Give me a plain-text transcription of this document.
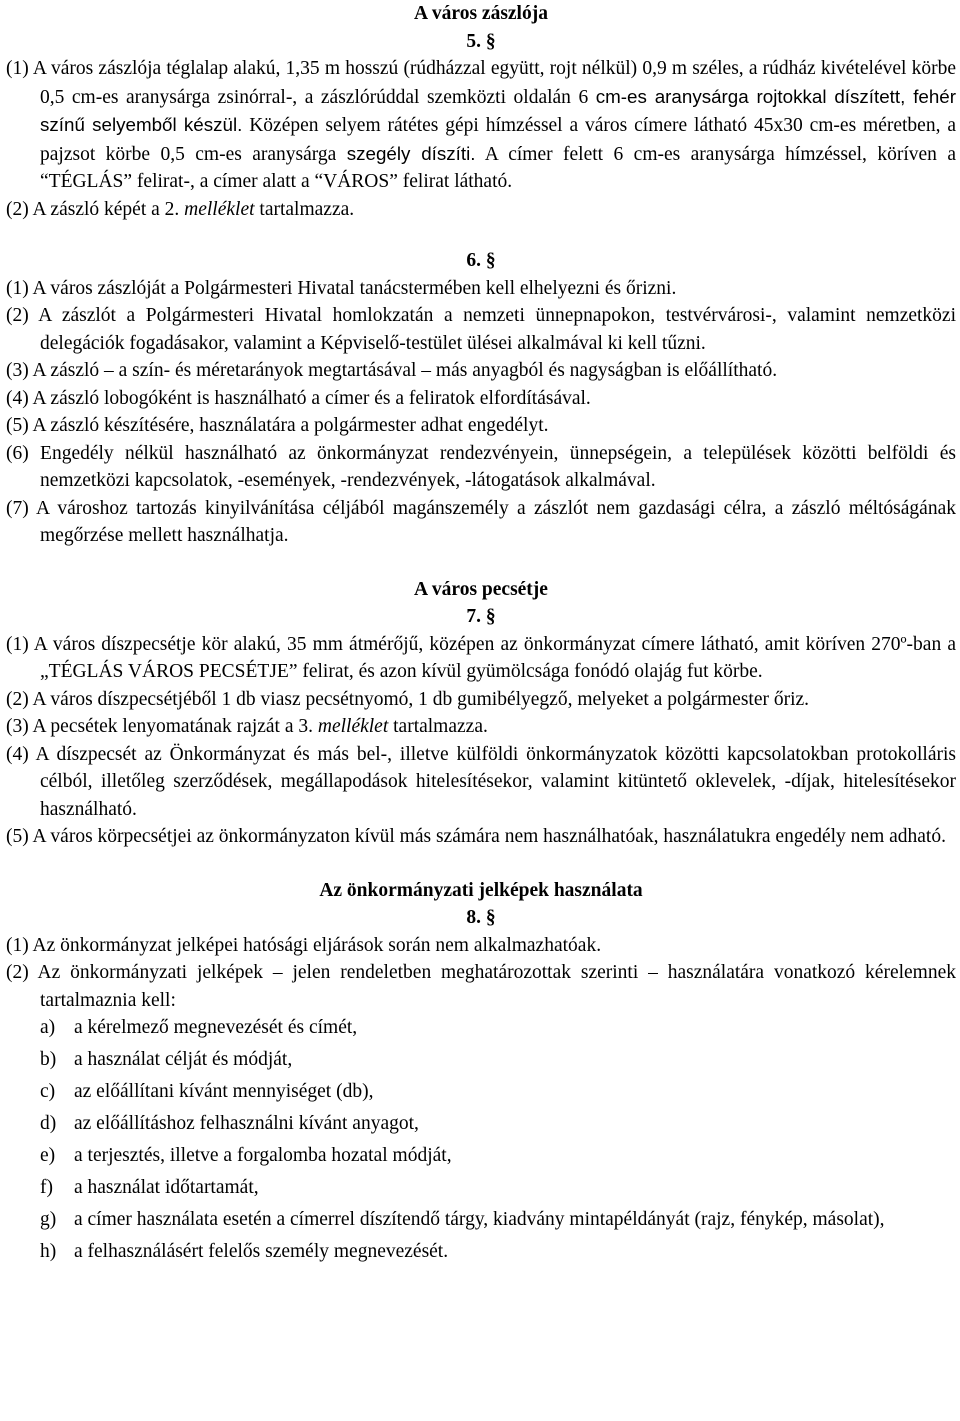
A város zászlója

5. §

(1) A város zászlója téglalap alakú, 1,35 m hosszú (rúdházzal együtt, rojt nélkül) 0,9 m széles, a rúdház kivételével körbe 0,5 cm-es aranysárga zsinórral-, a zászlórúddal szemközti oldalán 6 cm-es aranysárga rojtokkal díszített, fehér színű selyemből készül. Középen selyem rátétes gépi hímzéssel a város címere látható 45x30 cm-es méretben, a pajzsot körbe 0,5 cm-es aranysárga szegély díszíti. A címer felett 6 cm-es aranysárga hímzéssel, köríven a “TÉGLÁS” felirat-, a címer alatt a “VÁROS” felirat látható.

(2) A zászló képét a 2. melléklet tartalmazza.

6. §

(1) A város zászlóját a Polgármesteri Hivatal tanácstermében kell elhelyezni és őrizni.

(2) A zászlót a Polgármesteri Hivatal homlokzatán a nemzeti ünnepnapokon, testvérvárosi-, valamint nemzetközi delegációk fogadásakor, valamint a Képviselő-testület ülései alkalmával ki kell tűzni.

(3) A zászló – a szín- és méretarányok megtartásával – más anyagból és nagyságban is előállítható.

(4) A zászló lobogóként is használható a címer és a feliratok elfordításával.

(5) A zászló készítésére, használatára a polgármester adhat engedélyt.

(6) Engedély nélkül használható az önkormányzat rendezvényein, ünnepségein, a települések közötti belföldi és nemzetközi kapcsolatok, -események, -rendezvények, -látogatások alkalmával.

(7) A városhoz tartozás kinyilvánítása céljából magánszemély a zászlót nem gazdasági célra, a zászló méltóságának megőrzése mellett használhatja.

A város pecsétje

7. §

(1) A város díszpecsétje kör alakú, 35 mm átmérőjű, középen az önkormányzat címere látható, amit köríven 270º-ban a „TÉGLÁS VÁROS PECSÉTJE” felirat, és azon kívül gyümölcsága fonódó olajág fut körbe.

(2) A város díszpecsétjéből 1 db viasz pecsétnyomó, 1 db gumibélyegző, melyeket a polgármester őriz.

(3) A pecsétek lenyomatának rajzát a 3. melléklet tartalmazza.

(4) A díszpecsét az Önkormányzat és más bel-, illetve külföldi önkormányzatok közötti kapcsolatokban protokolláris célból, illetőleg szerződések, megállapodások hitelesítésekor, valamint kitüntető oklevelek, -díjak, hitelesítésekor használható.

(5) A város körpecsétjei az önkormányzaton kívül más számára nem használhatóak, használatukra engedély nem adható.

Az önkormányzati jelképek használata

8. §

(1) Az önkormányzat jelképei hatósági eljárások során nem alkalmazhatóak.

(2) Az önkormányzati jelképek – jelen rendeletben meghatározottak szerinti – használatára vonatkozó kérelemnek tartalmaznia kell:

a) a kérelmező megnevezését és címét,
b) a használat célját és módját,
c) az előállítani kívánt mennyiséget (db),
d) az előállításhoz felhasználni kívánt anyagot,
e) a terjesztés, illetve a forgalomba hozatal módját,
f)	a használat időtartamát,
g) a címer használata esetén a címerrel díszítendő tárgy, kiadvány mintapéldányát (rajz, fénykép, másolat),
h) a felhasználásért felelős személy megnevezését.
